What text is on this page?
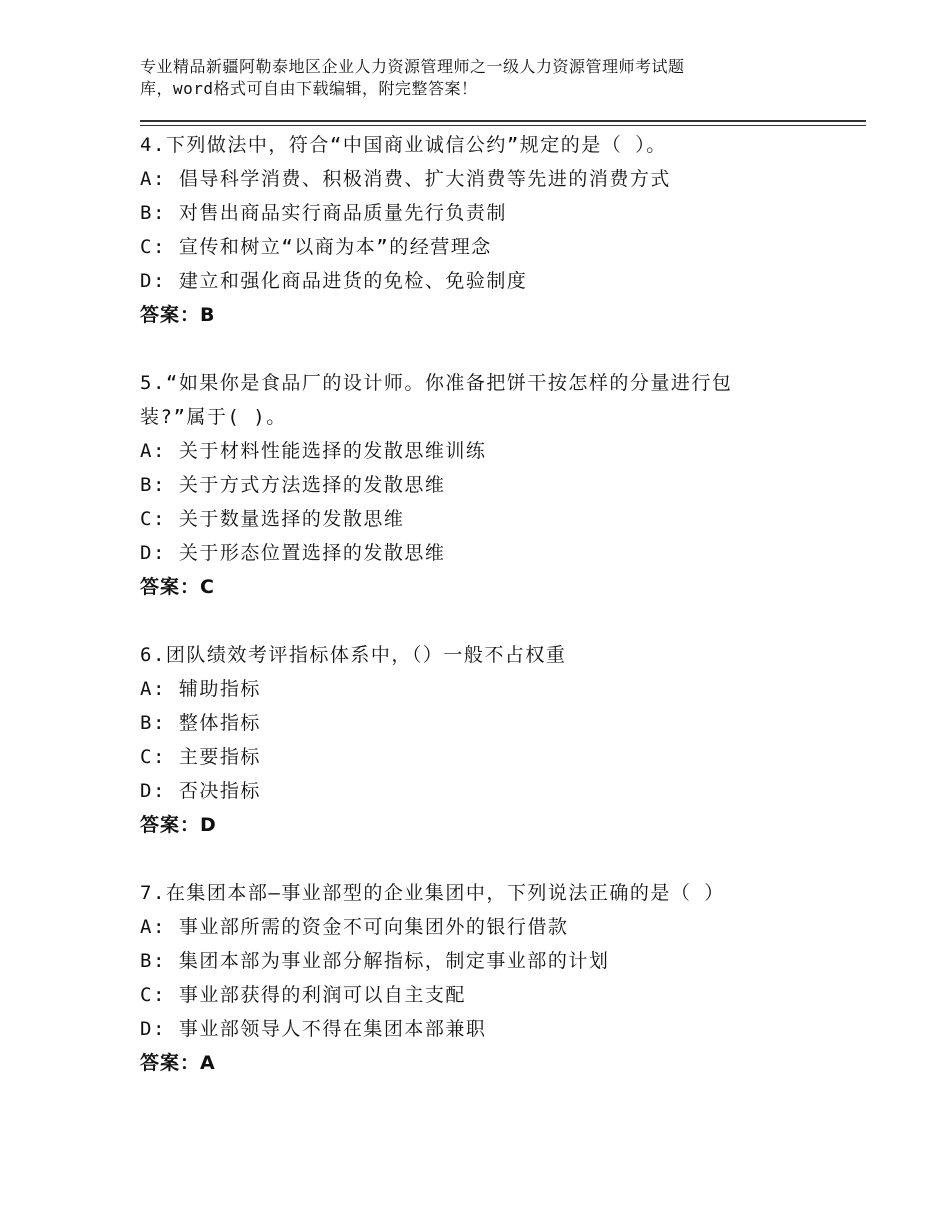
专业精品新疆阿勒泰地区企业人力资源管理师之一级人力资源管理师考试题
库，word格式可自由下载编辑，附完整答案！

4.下列做法中，符合“中国商业诚信公约”规定的是（ ）。

A: 倡导科学消费、积极消费、扩大消费等先进的消费方式

B: 对售出商品实行商品质量先行负责制

C: 宣传和树立“以商为本”的经营理念

D: 建立和强化商品进货的免检、免验制度

答案：B

5.“如果你是食品厂的设计师。你准备把饼干按怎样的分量进行包

装?”属于( )。

A: 关于材料性能选择的发散思维训练

B: 关于方式方法选择的发散思维

C: 关于数量选择的发散思维

D: 关于形态位置选择的发散思维

答案：C

6.团队绩效考评指标体系中，（）一般不占权重

A: 辅助指标

B: 整体指标

C: 主要指标

D: 否决指标

答案：D

7.在集团本部—事业部型的企业集团中，下列说法正确的是（ ）

A: 事业部所需的资金不可向集团外的银行借款

B: 集团本部为事业部分解指标，制定事业部的计划

C: 事业部获得的利润可以自主支配

D: 事业部领导人不得在集团本部兼职

答案：A
